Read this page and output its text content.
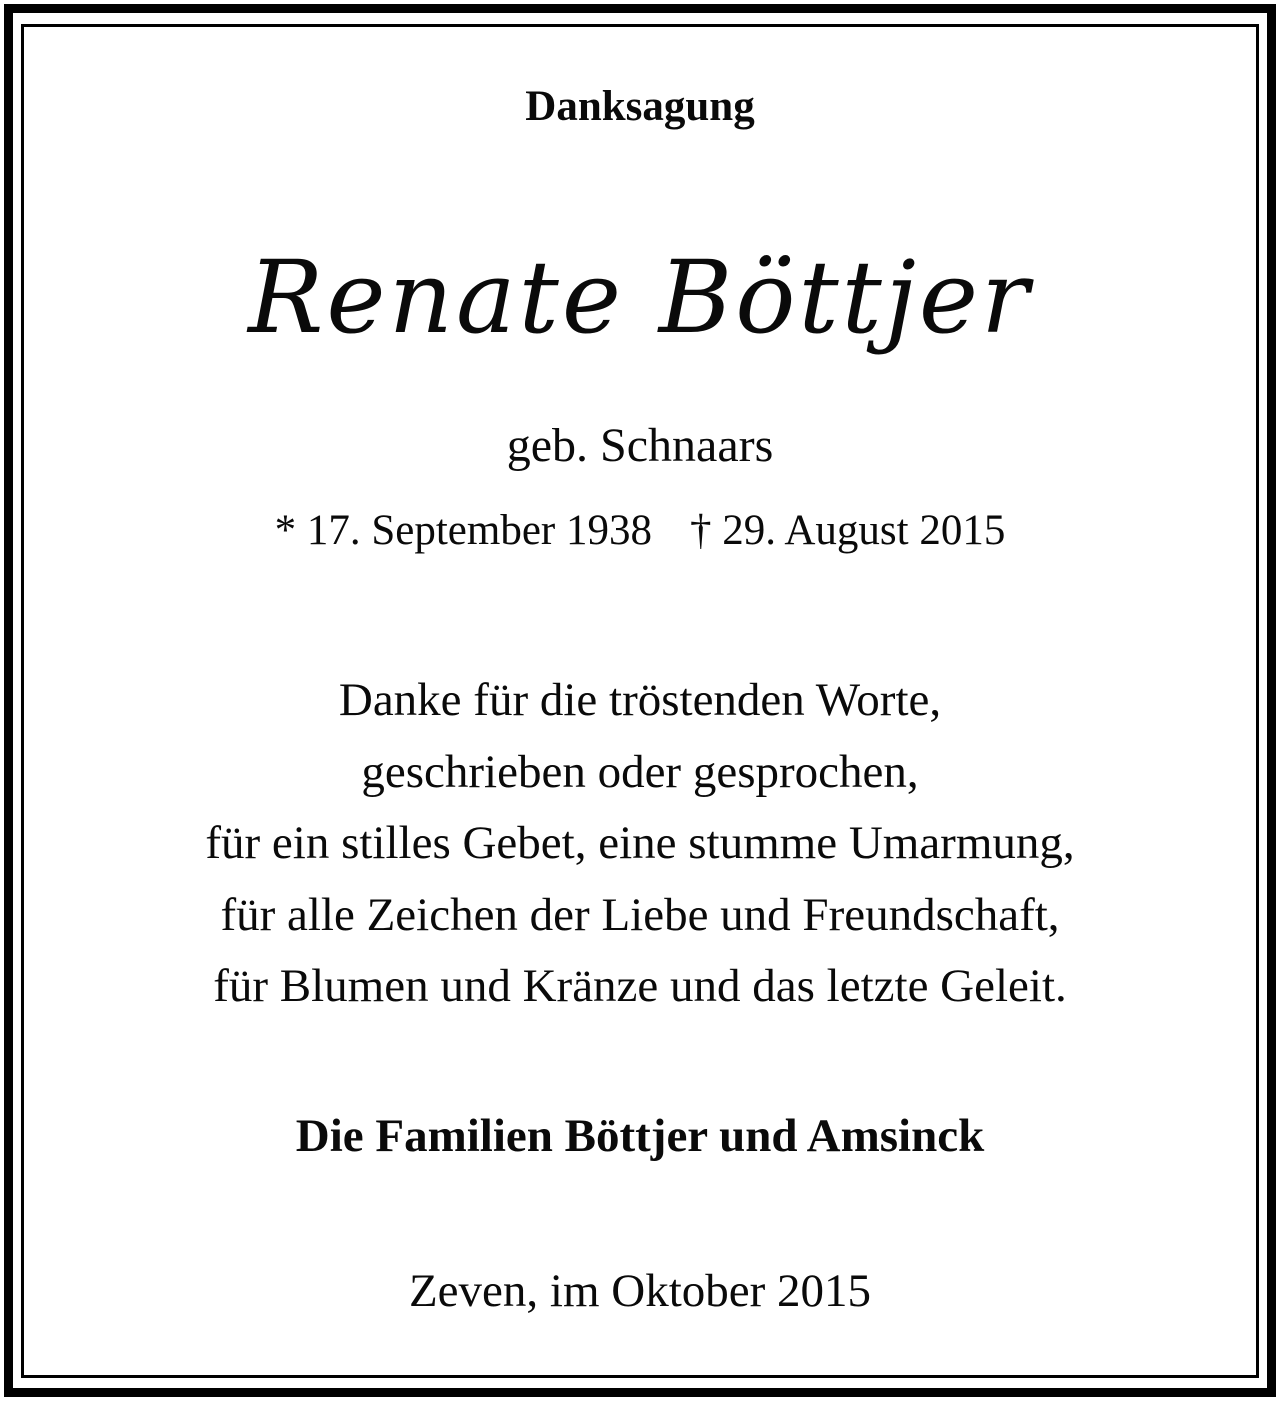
Danksagung
Renate Böttjer
geb. Schnaars
* 17. September 1938 † 29. August 2015
Danke für die tröstenden Worte,
geschrieben oder gesprochen,
für ein stilles Gebet, eine stumme Umarmung,
für alle Zeichen der Liebe und Freundschaft,
für Blumen und Kränze und das letzte Geleit.
Die Familien Böttjer und Amsinck
Zeven, im Oktober 2015
